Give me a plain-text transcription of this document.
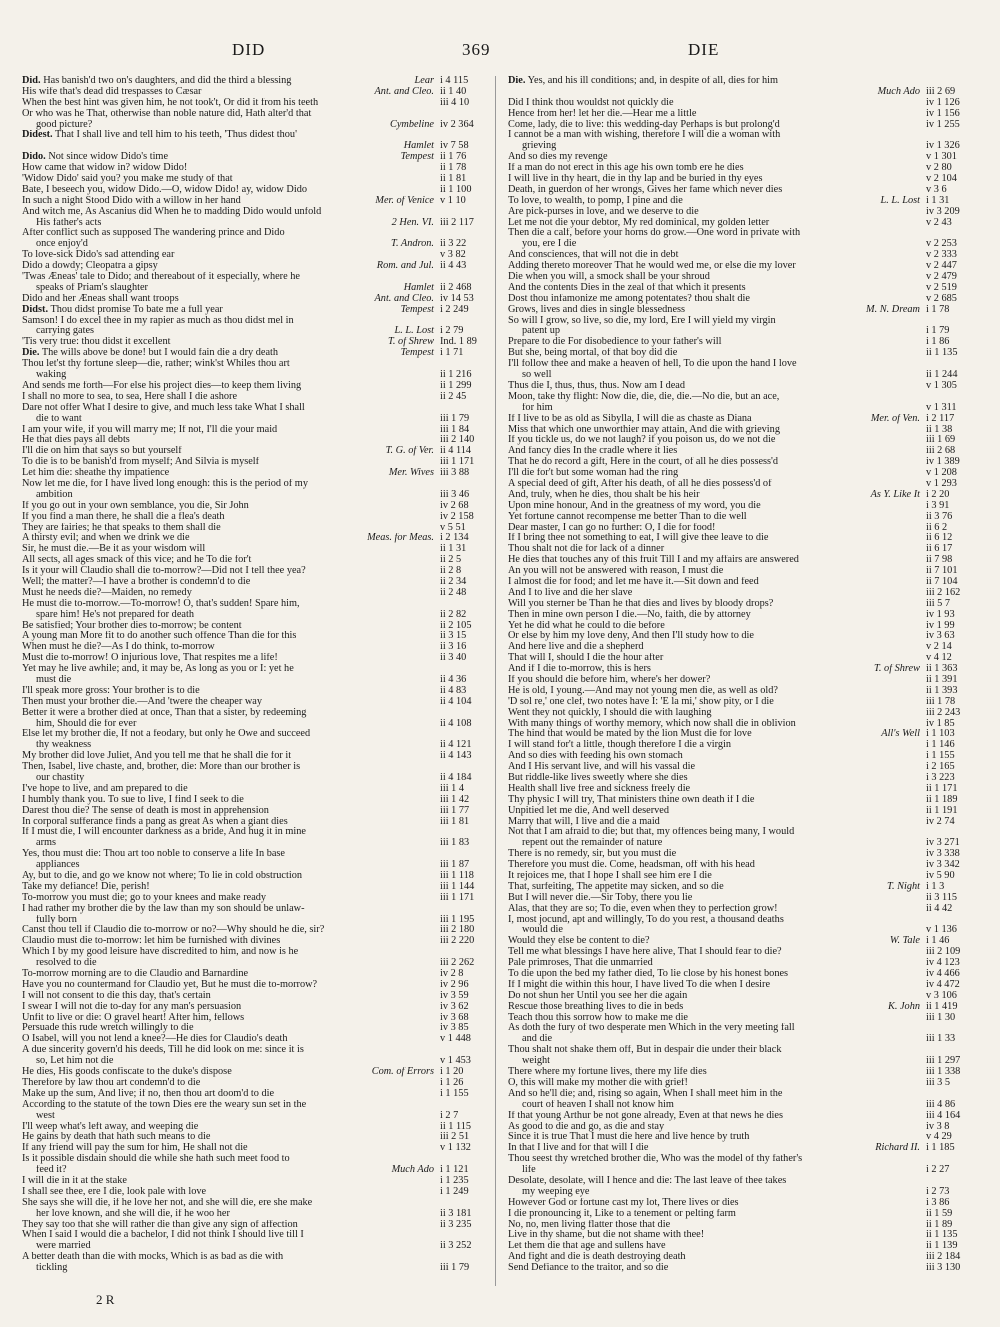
DID	369	DIE
Did. Has banish'd two on's daughters, and did the third a blessing	Lear i 4 115
His wife that's dead did trespasses to Cæsar	Ant. and Cleo. ii 1 40
When the best hint was given him, he not took't, Or did it from his teeth	iii 4 10
Or who was he That, otherwise than noble nature did, Hath alter'd that
good picture?	Cymbeline iv 2 364
Didest. That I shall live and tell him to his teeth, 'Thus didest thou'
Hamlet iv 7 58
Dido. Not since widow Dido's time	Tempest ii 1 76
How came that widow in? widow Dido!	ii 1 78
'Widow Dido' said you? you make me study of that	ii 1 81
Bate, I beseech you, widow Dido.—O, widow Dido! ay, widow Dido	ii 1 100
In such a night Stood Dido with a willow in her hand	Mer. of Venice v 1 10
And witch me, As Ascanius did When he to madding Dido would unfold
His father's acts	2 Hen. VI. iii 2 117
After conflict such as supposed The wandering prince and Dido
once enjoy'd	T. Andron. ii 3 22
To love-sick Dido's sad attending ear	v 3 82
Dido a dowdy; Cleopatra a gipsy	Rom. and Jul. ii 4 43
'Twas Æneas' tale to Dido; and thereabout of it especially, where he
speaks of Priam's slaughter	Hamlet ii 2 468
Dido and her Æneas shall want troops	Ant. and Cleo. iv 14 53
Didst. Thou didst promise To bate me a full year	Tempest i 2 249
Samson! I do excel thee in my rapier as much as thou didst mel in
carrying gates	L. L. Lost i 2 79
'Tis very true: thou didst it excellent	T. of Shrew Ind. 1 89
Die. The wills above be done! but I would fain die a dry death	Tempest i 1 71
Thou let'st thy fortune sleep—die, rather; wink'st Whiles thou art
waking	ii 1 216
And sends me forth—For else his project dies—to keep them living	ii 1 299
I shall no more to sea, to sea, Here shall I die ashore	ii 2 45
Dare not offer What I desire to give, and much less take What I shall
die to want	iii 1 79
I am your wife, if you will marry me; If not, I'll die your maid	iii 1 84
He that dies pays all debts	iii 2 140
I'll die on him that says so but yourself	T. G. of Ver. ii 4 114
To die is to be banish'd from myself; And Silvia is myself	iii 1 171
Let him die: sheathe thy impatience	Mer. Wives iii 3 88
Now let me die, for I have lived long enough: this is the period of my
ambition	iii 3 46
If you go out in your own semblance, you die, Sir John	iv 2 68
If you find a man there, he shall die a flea's death	iv 2 158
They are fairies; he that speaks to them shall die	v 5 51
A thirsty evil; and when we drink we die	Meas. for Meas. i 2 134
Sir, he must die.—Be it as your wisdom will	ii 1 31
All sects, all ages smack of this vice; and he To die for't	ii 2 5
Is it your will Claudio shall die to-morrow?—Did not I tell thee yea?	ii 2 8
Well; the matter?—I have a brother is condemn'd to die	ii 2 34
Must he needs die?—Maiden, no remedy	ii 2 48
He must die to-morrow.—To-morrow! O, that's sudden! Spare him,
spare him! He's not prepared for death	ii 2 82
Be satisfied; Your brother dies to-morrow; be content	ii 2 105
A young man More fit to do another such offence Than die for this	ii 3 15
When must he die?—As I do think, to-morrow	ii 3 16
Must die to-morrow! O injurious love, That respites me a life!	ii 3 40
Yet may he live awhile; and, it may be, As long as you or I: yet he
must die	ii 4 36
I'll speak more gross: Your brother is to die	ii 4 83
Then must your brother die.—And 'twere the cheaper way	ii 4 104
Better it were a brother died at once, Than that a sister, by redeeming
him, Should die for ever	ii 4 108
Else let my brother die, If not a feodary, but only he Owe and succeed
thy weakness	ii 4 121
My brother did love Juliet, And you tell me that he shall die for it	ii 4 143
Then, Isabel, live chaste, and, brother, die: More than our brother is
our chastity	ii 4 184
I've hope to live, and am prepared to die	iii 1 4
I humbly thank you. To sue to live, I find I seek to die	iii 1 42
Darest thou die? The sense of death is most in apprehension	iii 1 77
In corporal sufferance finds a pang as great As when a giant dies	iii 1 81
If I must die, I will encounter darkness as a bride, And hug it in mine
arms	iii 1 83
Yes, thou must die: Thou art too noble to conserve a life In base
appliances	iii 1 87
Ay, but to die, and go we know not where; To lie in cold obstruction	iii 1 118
Take my defiance! Die, perish!	iii 1 144
To-morrow you must die; go to your knees and make ready	iii 1 171
I had rather my brother die by the law than my son should be unlaw-
fully born	iii 1 195
Canst thou tell if Claudio die to-morrow or no?—Why should he die, sir?	iii 2 180
Claudio must die to-morrow: let him be furnished with divines	iii 2 220
Which I by my good leisure have discredited to him, and now is he
resolved to die	iii 2 262
To-morrow morning are to die Claudio and Barnardine	iv 2 8
Have you no countermand for Claudio yet, But he must die to-morrow?	iv 2 96
I will not consent to die this day, that's certain	iv 3 59
I swear I will not die to-day for any man's persuasion	iv 3 62
Unfit to live or die: O gravel heart! After him, fellows	iv 3 68
Persuade this rude wretch willingly to die	iv 3 85
O Isabel, will you not lend a knee?—He dies for Claudio's death	v 1 448
A due sincerity govern'd his deeds, Till he did look on me: since it is
so, Let him not die	v 1 453
He dies, His goods confiscate to the duke's dispose	Com. of Errors i 1 20
Therefore by law thou art condemn'd to die	i 1 26
Make up the sum, And live; if no, then thou art doom'd to die	i 1 155
According to the statute of the town Dies ere the weary sun set in the
west	i 2 7
I'll weep what's left away, and weeping die	ii 1 115
He gains by death that hath such means to die	iii 2 51
If any friend will pay the sum for him, He shall not die	v 1 132
Is it possible disdain should die while she hath such meet food to
feed it?	Much Ado i 1 121
I will die in it at the stake	i 1 235
I shall see thee, ere I die, look pale with love	i 1 249
She says she will die, if he love her not, and she will die, ere she make
her love known, and she will die, if he woo her	ii 3 181
They say too that she will rather die than give any sign of affection	ii 3 235
When I said I would die a bachelor, I did not think I should live till I
were married	ii 3 252
A better death than die with mocks, Which is as bad as die with
tickling	iii 1 79
Die. Yes, and his ill conditions; and, in despite of all, dies for him
Much Ado iii 2 69
Did I think thou wouldst not quickly die	iv 1 126
Hence from her! let her die.—Hear me a little	iv 1 156
Come, lady, die to live: this wedding-day Perhaps is but prolong'd	iv 1 255
I cannot be a man with wishing, therefore I will die a woman with
grieving	iv 1 326
And so dies my revenge	v 1 301
If a man do not erect in this age his own tomb ere he dies	v 2 80
I will live in thy heart, die in thy lap and be buried in thy eyes	v 2 104
Death, in guerdon of her wrongs, Gives her fame which never dies	v 3 6
To love, to wealth, to pomp, I pine and die	L. L. Lost i 1 31
Are pick-purses in love, and we deserve to die	iv 3 209
Let me not die your debtor, My red dominical, my golden letter	v 2 43
Then die a calf, before your horns do grow.—One word in private with
you, ere I die	v 2 253
And consciences, that will not die in debt	v 2 333
Adding thereto moreover That he would wed me, or else die my lover	v 2 447
Die when you will, a smock shall be your shroud	v 2 479
And the contents Dies in the zeal of that which it presents	v 2 519
Dost thou infamonize me among potentates? thou shalt die	v 2 685
Grows, lives and dies in single blessedness	M. N. Dream i 1 78
So will I grow, so live, so die, my lord, Ere I will yield my virgin
patent up	i 1 79
Prepare to die For disobedience to your father's will	i 1 86
But she, being mortal, of that boy did die	ii 1 135
I'll follow thee and make a heaven of hell, To die upon the hand I love
so well	ii 1 244
Thus die I, thus, thus, thus. Now am I dead	v 1 305
Moon, take thy flight: Now die, die, die, die.—No die, but an ace,
for him	v 1 311
If I live to be as old as Sibylla, I will die as chaste as Diana	Mer. of Ven. i 2 117
Miss that which one unworthier may attain, And die with grieving	ii 1 38
If you tickle us, do we not laugh? if you poison us, do we not die	iii 1 69
And fancy dies In the cradle where it lies	iii 2 68
That he do record a gift, Here in the court, of all he dies possess'd	iv 1 389
I'll die for't but some woman had the ring	v 1 208
A special deed of gift, After his death, of all he dies possess'd of	v 1 293
And, truly, when he dies, thou shalt be his heir	As Y. Like It i 2 20
Upon mine honour, And in the greatness of my word, you die	i 3 91
Yet fortune cannot recompense me better Than to die well	ii 3 76
Dear master, I can go no further: O, I die for food!	ii 6 2
If I bring thee not something to eat, I will give thee leave to die	ii 6 12
Thou shalt not die for lack of a dinner	ii 6 17
He dies that touches any of this fruit Till I and my affairs are answered	ii 7 98
An you will not be answered with reason, I must die	ii 7 101
I almost die for food; and let me have it.—Sit down and feed	ii 7 104
And I to live and die her slave	iii 2 162
Will you sterner be Than he that dies and lives by bloody drops?	iii 5 7
Then in mine own person I die.—No, faith, die by attorney	iv 1 93
Yet he did what he could to die before	iv 1 99
Or else by him my love deny, And then I'll study how to die	iv 3 63
And here live and die a shepherd	v 2 14
That will I, should I die the hour after	v 4 12
And if I die to-morrow, this is hers	T. of Shrew ii 1 363
If you should die before him, where's her dower?	ii 1 391
He is old, I young.—And may not young men die, as well as old?	ii 1 393
'D sol re,' one clef, two notes have I: 'E la mi,' show pity, or I die	iii 1 78
Went they not quickly, I should die with laughing	iii 2 243
With many things of worthy memory, which now shall die in oblivion	iv 1 85
The hind that would be mated by the lion Must die for love	All's Well i 1 103
I will stand for't a little, though therefore I die a virgin	i 1 146
And so dies with feeding his own stomach	i 1 155
And I His servant live, and will his vassal die	i 2 165
But riddle-like lives sweetly where she dies	i 3 223
Health shall live free and sickness freely die	ii 1 171
Thy physic I will try, That ministers thine own death if I die	ii 1 189
Unpitied let me die, And well deserved	ii 1 191
Marry that will, I live and die a maid	iv 2 74
Not that I am afraid to die; but that, my offences being many, I would
repent out the remainder of nature	iv 3 271
There is no remedy, sir, but you must die	iv 3 338
Therefore you must die. Come, headsman, off with his head	iv 3 342
It rejoices me, that I hope I shall see him ere I die	iv 5 90
That, surfeiting, The appetite may sicken, and so die	T. Night i 1 3
But I will never die.—Sir Toby, there you lie	ii 3 115
Alas, that they are so; To die, even when they to perfection grow!	ii 4 42
I, most jocund, apt and willingly, To do you rest, a thousand deaths
would die	v 1 136
Would they else be content to die?	W. Tale i 1 46
Tell me what blessings I have here alive, That I should fear to die?	iii 2 109
Pale primroses, That die unmarried	iv 4 123
To die upon the bed my father died, To lie close by his honest bones	iv 4 466
If I might die within this hour, I have lived To die when I desire	iv 4 472
Do not shun her Until you see her die again	v 3 106
Rescue those breathing lives to die in beds	K. John ii 1 419
Teach thou this sorrow how to make me die	iii 1 30
As doth the fury of two desperate men Which in the very meeting fall
and die	iii 1 33
Thou shalt not shake them off, But in despair die under their black
weight	iii 1 297
There where my fortune lives, there my life dies	iii 1 338
O, this will make my mother die with grief!	iii 3 5
And so he'll die; and, rising so again, When I shall meet him in the
court of heaven I shall not know him	iii 4 86
If that young Arthur be not gone already, Even at that news he dies	iii 4 164
As good to die and go, as die and stay	iv 3 8
Since it is true That I must die here and live hence by truth	v 4 29
In that I live and for that will I die	Richard II. i 1 185
Thou seest thy wretched brother die, Who was the model of thy father's
life	i 2 27
Desolate, desolate, will I hence and die: The last leave of thee takes
my weeping eye	i 2 73
However God or fortune cast my lot, There lives or dies	i 3 86
I die pronouncing it, Like to a tenement or pelting farm	ii 1 59
No, no, men living flatter those that die	ii 1 89
Live in thy shame, but die not shame with thee!	ii 1 135
Let them die that age and sullens have	ii 1 139
And fight and die is death destroying death	iii 2 184
Send Defiance to the traitor, and so die	iii 3 130
2 R
